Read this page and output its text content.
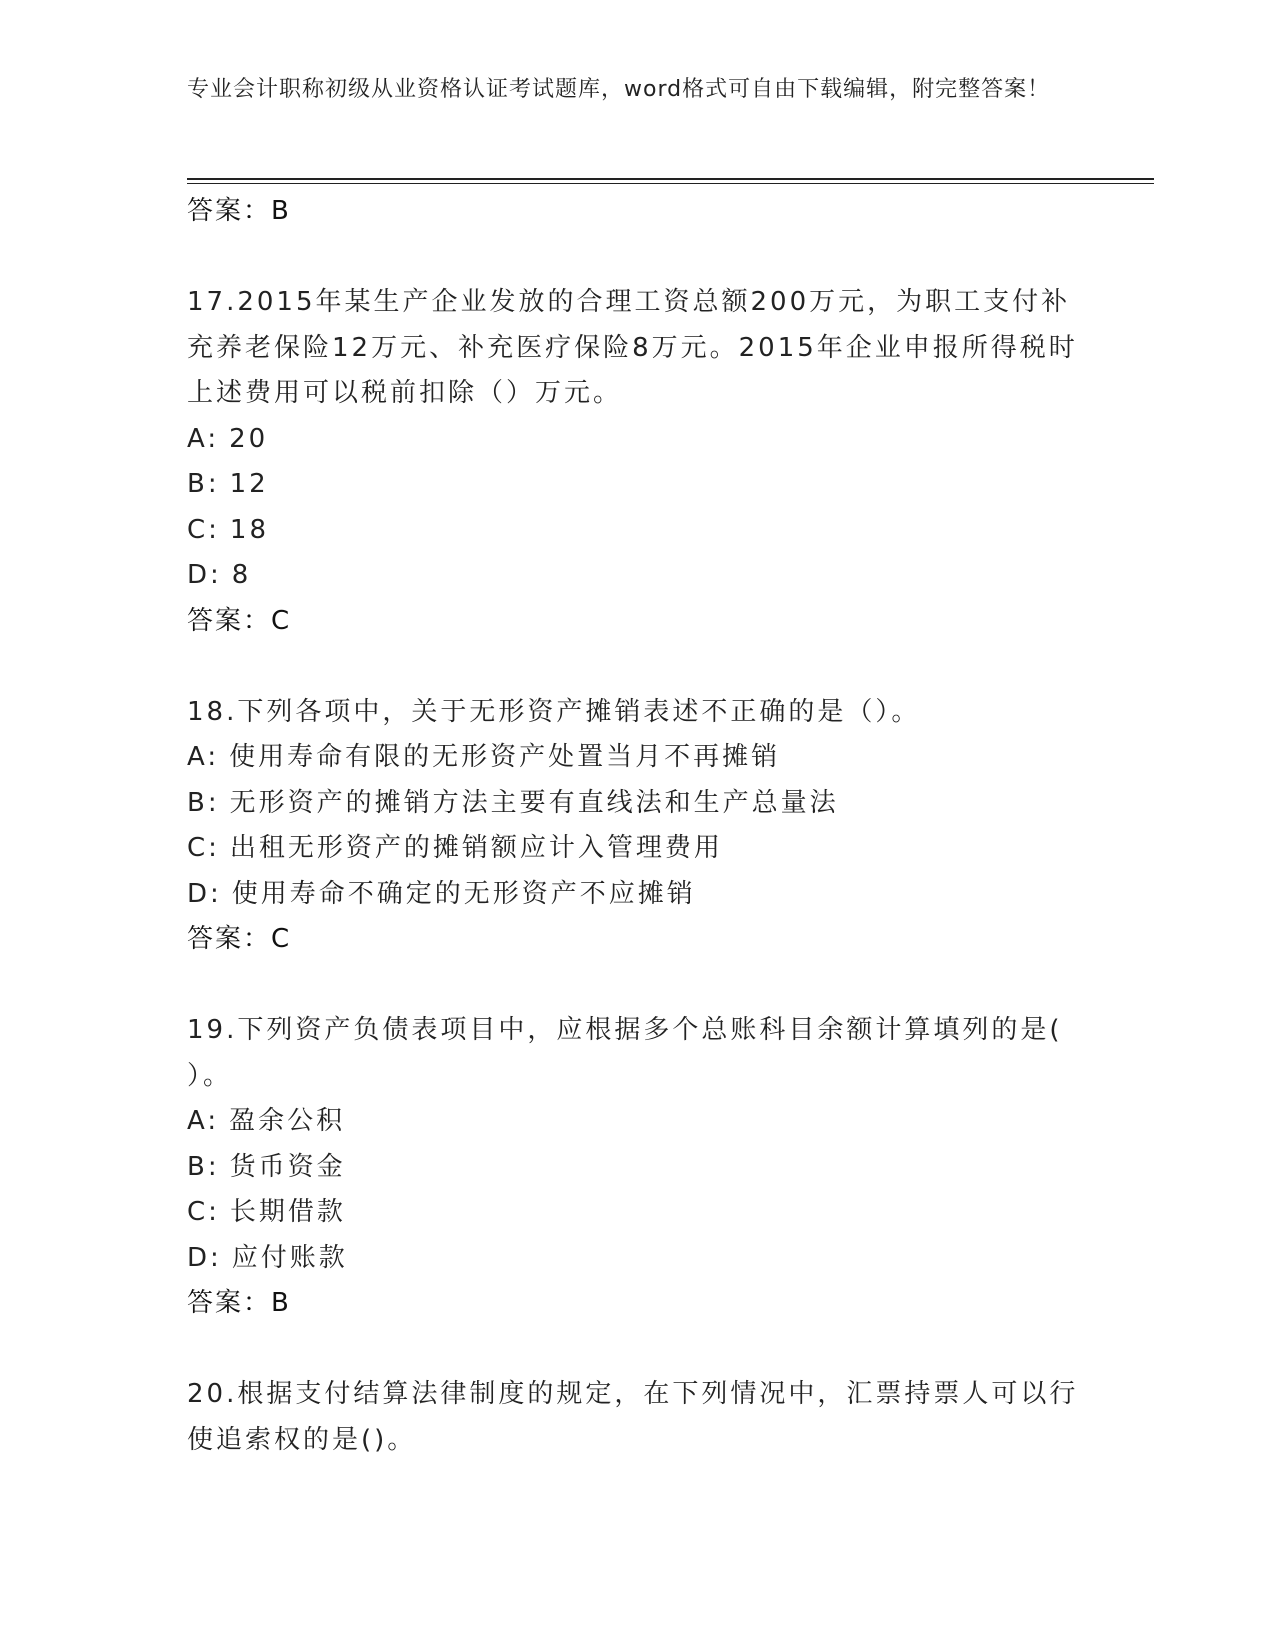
专业会计职称初级从业资格认证考试题库，word格式可自由下载编辑，附完整答案！
答案：B
17.2015年某生产企业发放的合理工资总额200万元，为职工支付补充养老保险12万元、补充医疗保险8万元。2015年企业申报所得税时上述费用可以税前扣除（）万元。
A: 20
B: 12
C: 18
D: 8
答案：C
18.下列各项中，关于无形资产摊销表述不正确的是（）。
A: 使用寿命有限的无形资产处置当月不再摊销
B: 无形资产的摊销方法主要有直线法和生产总量法
C: 出租无形资产的摊销额应计入管理费用
D: 使用寿命不确定的无形资产不应摊销
答案：C
19.下列资产负债表项目中，应根据多个总账科目余额计算填列的是(
）。
A: 盈余公积
B: 货币资金
C: 长期借款
D: 应付账款
答案：B
20.根据支付结算法律制度的规定，在下列情况中，汇票持票人可以行使追索权的是()。
